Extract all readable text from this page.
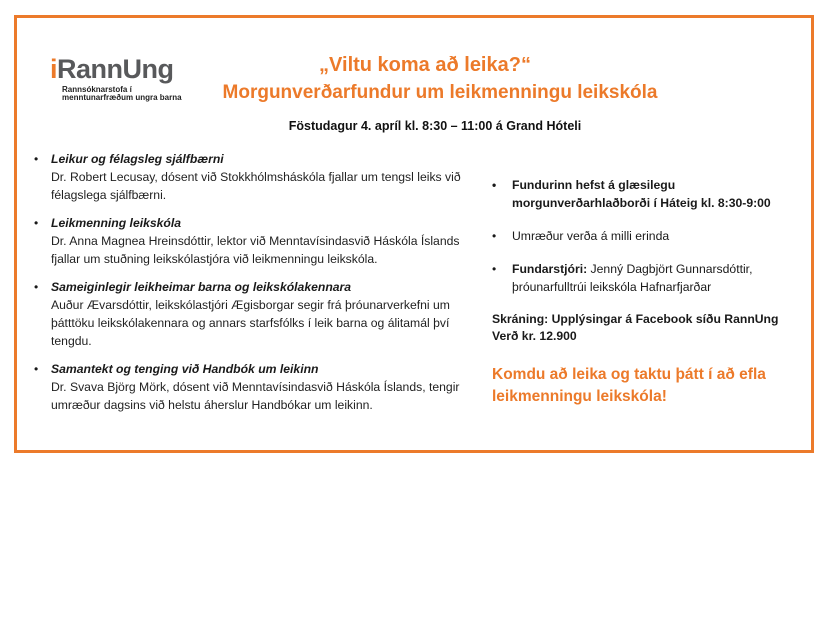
iRannUng
Rannsóknarstofa í
menntunarfræðum ungra barna
„Viltu koma að leika?“
Morgunverðarfundur um leikmenningu leikskóla
Föstudagur 4. apríl kl. 8:30 – 11:00 á Grand Hóteli
• Leikur og félagsleg sjálfbærni
Dr. Robert Lecusay, dósent við Stokkhólmsháskóla fjallar um tengsl leiks við félagslega sjálfbærni.
• Leikmenning leikskóla
Dr. Anna Magnea Hreinsdóttir, lektor við Menntavísindasvið Háskóla Íslands fjallar um stuðning leikskólastjóra við leikmenningu leikskóla.
• Sameiginlegir leikheimar barna og leikskólakennara
Auður Ævarsdóttir, leikskólastjóri Ægisborgar segir frá þróunarverkefni um þátttöku leikskólakennara og annars starfsfólks í leik barna og álitamál því tengdu.
• Samantekt og tenging við Handbók um leikinn
Dr. Svava Björg Mörk, dósent við Menntavísindasvið Háskóla Íslands, tengir umræður dagsins við helstu áherslur Handbókar um leikinn.
• Fundurinn hefst á glæsilegu morgunverðarhlaðborði í Háteig kl. 8:30-9:00
• Umræður verða á milli erinda
• Fundarstjóri: Jenný Dagbjört Gunnarsdóttir, þróunarfulltrúi leikskóla Hafnarfjarðar
Skráning: Upplýsingar á Facebook síðu RannUng
Verð kr. 12.900
Komdu að leika og taktu þátt í að efla leikmenningu leikskóla!
